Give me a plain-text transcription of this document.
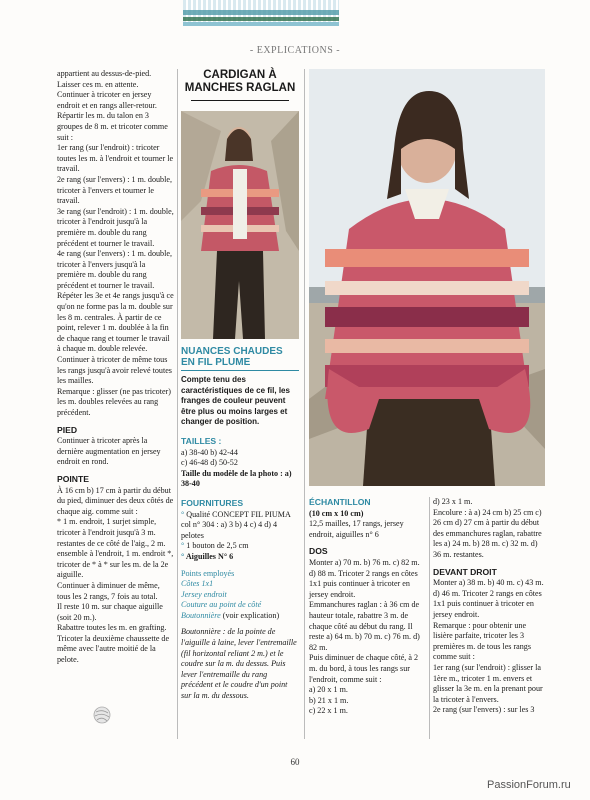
- EXPLICATIONS -

appartient au dessus-de-pied. Laisser ces m. en attente.

Continuer à tricoter en jersey endroit et en rangs aller-retour.

Répartir les m. du talon en 3 groupes de 8 m. et tricoter comme suit :

1er rang (sur l'endroit) : tricoter toutes les m. à l'endroit et tourner le travail.

2e rang (sur l'envers) : 1 m. double, tricoter à l'envers et tourner le travail.

3e rang (sur l'endroit) : 1 m. double, tricoter à l'endroit jusqu'à la première m. double du rang précédent et tourner le travail.

4e rang (sur l'envers) : 1 m. double, tricoter à l'envers jusqu'à la première m. double du rang précédent et tourner le travail.

Répéter les 3e et 4e rangs jusqu'à ce qu'on ne forme pas la m. double sur les 8 m. centrales. À partir de ce point, relever 1 m. doublée à la fin de chaque rang et tourner le travail à chaque m. double relevée. Continuer à tricoter de même tous les rangs jusqu'à avoir relevé toutes les mailles.

Remarque : glisser (ne pas tricoter) les m. doubles relevées au rang précédent.

PIED

Continuer à tricoter après la dernière augmentation en jersey endroit en rond.

POINTE

À 16 cm b) 17 cm à partir du début du pied, diminuer des deux côtés de chaque aig. comme suit :

* 1 m. endroit, 1 surjet simple, tricoter à l'endroit jusqu'à 3 m. restantes de ce côté de l'aig., 2 m. ensemble à l'endroit, 1 m. endroit *, tricoter de * à * sur les m. de la 2e aiguille.

Continuer à diminuer de même, tous les 2 rangs, 7 fois au total.

Il reste 10 m. sur chaque aiguille (soit 20 m.).

Rabattre toutes les m. en grafting. Tricoter la deuxième chaussette de même avec l'autre moitié de la pelote.

CARDIGAN À
MANCHES RAGLAN
NUANCES CHAUDES
EN FIL PLUME

Compte tenu des caractéristiques de ce fil, les franges de couleur peuvent être plus ou moins larges et changer de position.

TAILLES :

a) 38-40 b) 42-44
c) 46-48 d) 50-52

Taille du modèle de la photo : a) 38-40

FOURNITURES

° Qualité CONCEPT FIL PIUMA col n° 304 : a) 3 b) 4 c) 4 d) 4 pelotes

° 1 bouton de 2,5 cm

° Aiguilles N° 6

Points employés

Côtes 1x1

Jersey endroit

Couture au point de côté

Boutonnière (voir explication)

Boutonnière : de la pointe de l'aiguille à laine, lever l'entremaille (fil horizontal reliant 2 m.) et le coudre sur la m. du dessus. Puis lever l'entremaille du rang précédent et le coudre d'un point sur la m. du dessous.

ÉCHANTILLON

(10 cm x 10 cm)

12,5 mailles, 17 rangs, jersey endroit, aiguilles n° 6

DOS

Monter a) 70 m. b) 76 m. c) 82 m. d) 88 m. Tricoter 2 rangs en côtes 1x1 puis continuer à tricoter en jersey endroit.

Emmanchures raglan : à 36 cm de hauteur totale, rabattre 3 m. de chaque côté au début du rang. Il reste a) 64 m. b) 70 m. c) 76 m. d) 82 m.

Puis diminuer de chaque côté, à 2 m. du bord, à tous les rangs sur l'endroit, comme suit :

a) 20 x 1 m.

b) 21 x 1 m.

c) 22 x 1 m.

d) 23 x 1 m.

Encolure : à a) 24 cm b) 25 cm c) 26 cm d) 27 cm à partir du début des emmanchures raglan, rabattre les a) 24 m. b) 28 m. c) 32 m. d) 36 m. restantes.

DEVANT DROIT

Monter a) 38 m. b) 40 m. c) 43 m. d) 46 m. Tricoter 2 rangs en côtes 1x1 puis continuer à tricoter en jersey endroit.

Remarque : pour obtenir une lisière parfaite, tricoter les 3 premières m. de tous les rangs comme suit :

1er rang (sur l'endroit) : glisser la 1ère m., tricoter 1 m. envers et glisser la 3e m. en la prenant pour la tricoter à l'envers.

2e rang (sur l'envers) : sur les 3

60
PassionForum.ru
